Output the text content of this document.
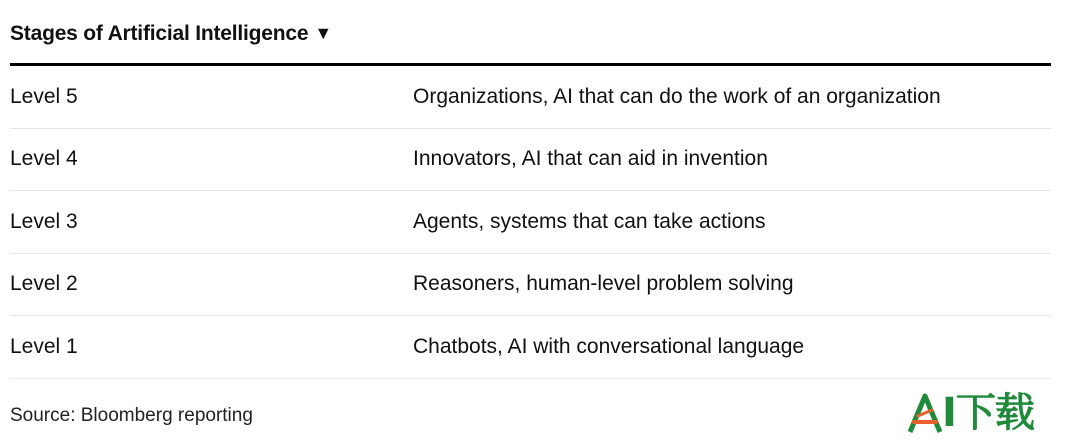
Stages of Artificial Intelligence ▼
Level 5	Organizations, AI that can do the work of an organization
Level 4	Innovators, AI that can aid in invention
Level 3	Agents, systems that can take actions
Level 2	Reasoners, human-level problem solving
Level 1	Chatbots, AI with conversational language
Source: Bloomberg reporting	I下载
